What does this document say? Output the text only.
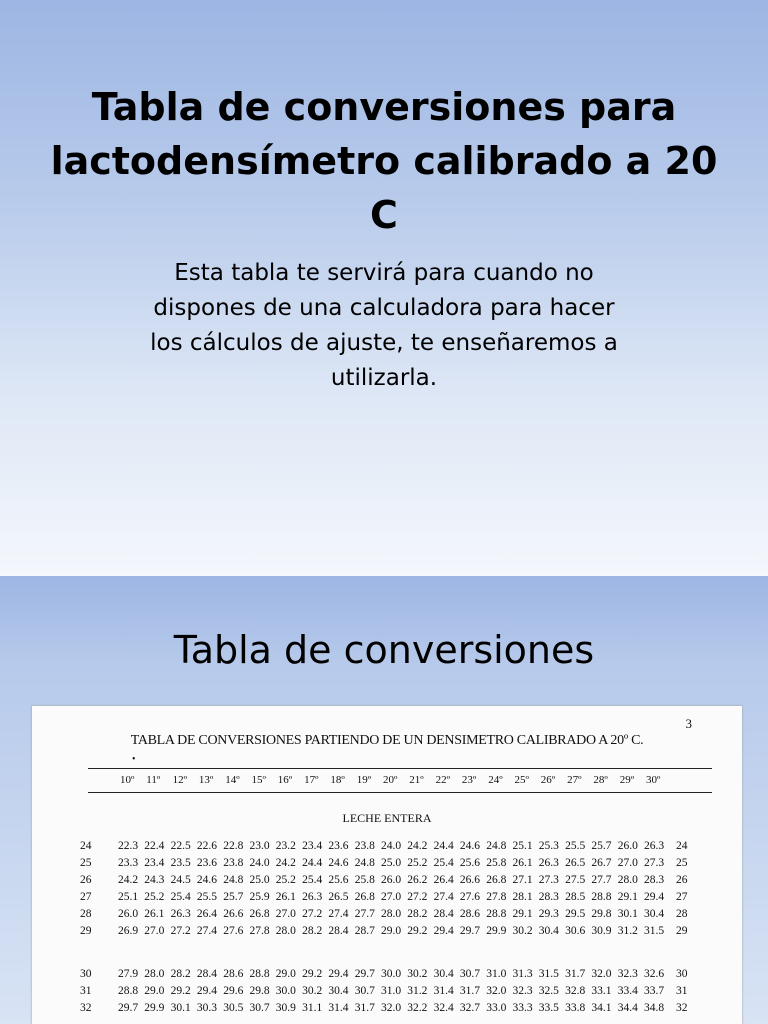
Tabla de conversiones para
lactodensímetro calibrado a 20 C
Esta tabla te servirá para cuando no
dispones de una calculadora para hacer
los cálculos de ajuste, te enseñaremos a
utilizarla.
Tabla de conversiones
3
TABLA DE CONVERSIONES PARTIENDO DE UN DENSIMETRO CALIBRADO A 20º C.
•
10º 11º 12º 13º 14º 15º 16º 17º 18º 19º 20º 21º 22º 23º 24º 25º 26º 27º 28º 29º 30º
LECHE ENTERA
24 22.3 22.4 22.5 22.6 22.8 23.0 23.2 23.4 23.6 23.8 24.0 24.2 24.4 24.6 24.8 25.1 25.3 25.5 25.7 26.0 26.3 24
25 23.3 23.4 23.5 23.6 23.8 24.0 24.2 24.4 24.6 24.8 25.0 25.2 25.4 25.6 25.8 26.1 26.3 26.5 26.7 27.0 27.3 25
26 24.2 24.3 24.5 24.6 24.8 25.0 25.2 25.4 25.6 25.8 26.0 26.2 26.4 26.6 26.8 27.1 27.3 27.5 27.7 28.0 28.3 26
27 25.1 25.2 25.4 25.5 25.7 25.9 26.1 26.3 26.5 26.8 27.0 27.2 27.4 27.6 27.8 28.1 28.3 28.5 28.8 29.1 29.4 27
28 26.0 26.1 26.3 26.4 26.6 26.8 27.0 27.2 27.4 27.7 28.0 28.2 28.4 28.6 28.8 29.1 29.3 29.5 29.8 30.1 30.4 28
29 26.9 27.0 27.2 27.4 27.6 27.8 28.0 28.2 28.4 28.7 29.0 29.2 29.4 29.7 29.9 30.2 30.4 30.6 30.9 31.2 31.5 29
30 27.9 28.0 28.2 28.4 28.6 28.8 29.0 29.2 29.4 29.7 30.0 30.2 30.4 30.7 31.0 31.3 31.5 31.7 32.0 32.3 32.6 30
31 28.8 29.0 29.2 29.4 29.6 29.8 30.0 30.2 30.4 30.7 31.0 31.2 31.4 31.7 32.0 32.3 32.5 32.8 33.1 33.4 33.7 31
32 29.7 29.9 30.1 30.3 30.5 30.7 30.9 31.1 31.4 31.7 32.0 32.2 32.4 32.7 33.0 33.3 33.5 33.8 34.1 34.4 34.8 32
